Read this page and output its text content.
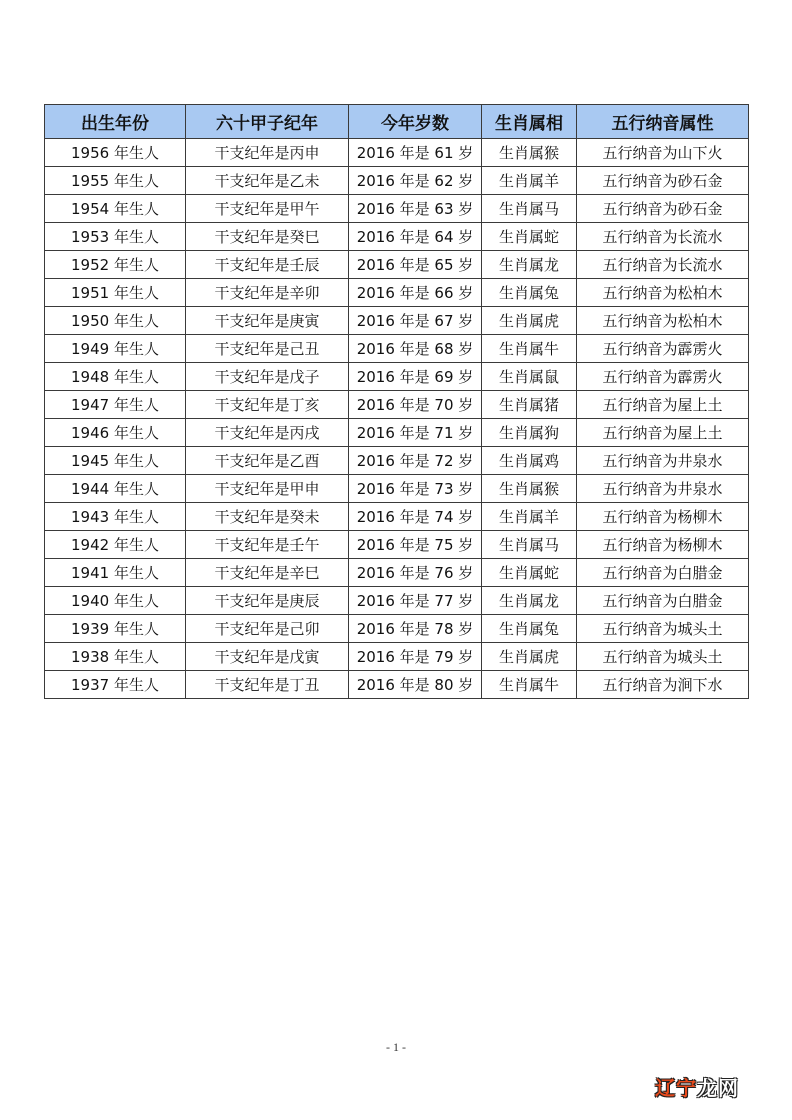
出生年份	六十甲子纪年	今年岁数	生肖属相	五行纳音属性
1956 年生人	干支纪年是丙申	2016 年是 61 岁	生肖属猴	五行纳音为山下火
1955 年生人	干支纪年是乙未	2016 年是 62 岁	生肖属羊	五行纳音为砂石金
1954 年生人	干支纪年是甲午	2016 年是 63 岁	生肖属马	五行纳音为砂石金
1953 年生人	干支纪年是癸巳	2016 年是 64 岁	生肖属蛇	五行纳音为长流水
1952 年生人	干支纪年是壬辰	2016 年是 65 岁	生肖属龙	五行纳音为长流水
1951 年生人	干支纪年是辛卯	2016 年是 66 岁	生肖属兔	五行纳音为松柏木
1950 年生人	干支纪年是庚寅	2016 年是 67 岁	生肖属虎	五行纳音为松柏木
1949 年生人	干支纪年是己丑	2016 年是 68 岁	生肖属牛	五行纳音为霹雳火
1948 年生人	干支纪年是戊子	2016 年是 69 岁	生肖属鼠	五行纳音为霹雳火
1947 年生人	干支纪年是丁亥	2016 年是 70 岁	生肖属猪	五行纳音为屋上土
1946 年生人	干支纪年是丙戌	2016 年是 71 岁	生肖属狗	五行纳音为屋上土
1945 年生人	干支纪年是乙酉	2016 年是 72 岁	生肖属鸡	五行纳音为井泉水
1944 年生人	干支纪年是甲申	2016 年是 73 岁	生肖属猴	五行纳音为井泉水
1943 年生人	干支纪年是癸未	2016 年是 74 岁	生肖属羊	五行纳音为杨柳木
1942 年生人	干支纪年是壬午	2016 年是 75 岁	生肖属马	五行纳音为杨柳木
1941 年生人	干支纪年是辛巳	2016 年是 76 岁	生肖属蛇	五行纳音为白腊金
1940 年生人	干支纪年是庚辰	2016 年是 77 岁	生肖属龙	五行纳音为白腊金
1939 年生人	干支纪年是己卯	2016 年是 78 岁	生肖属兔	五行纳音为城头土
1938 年生人	干支纪年是戊寅	2016 年是 79 岁	生肖属虎	五行纳音为城头土
1937 年生人	干支纪年是丁丑	2016 年是 80 岁	生肖属牛	五行纳音为涧下水
- 1 -
辽宁龙网
